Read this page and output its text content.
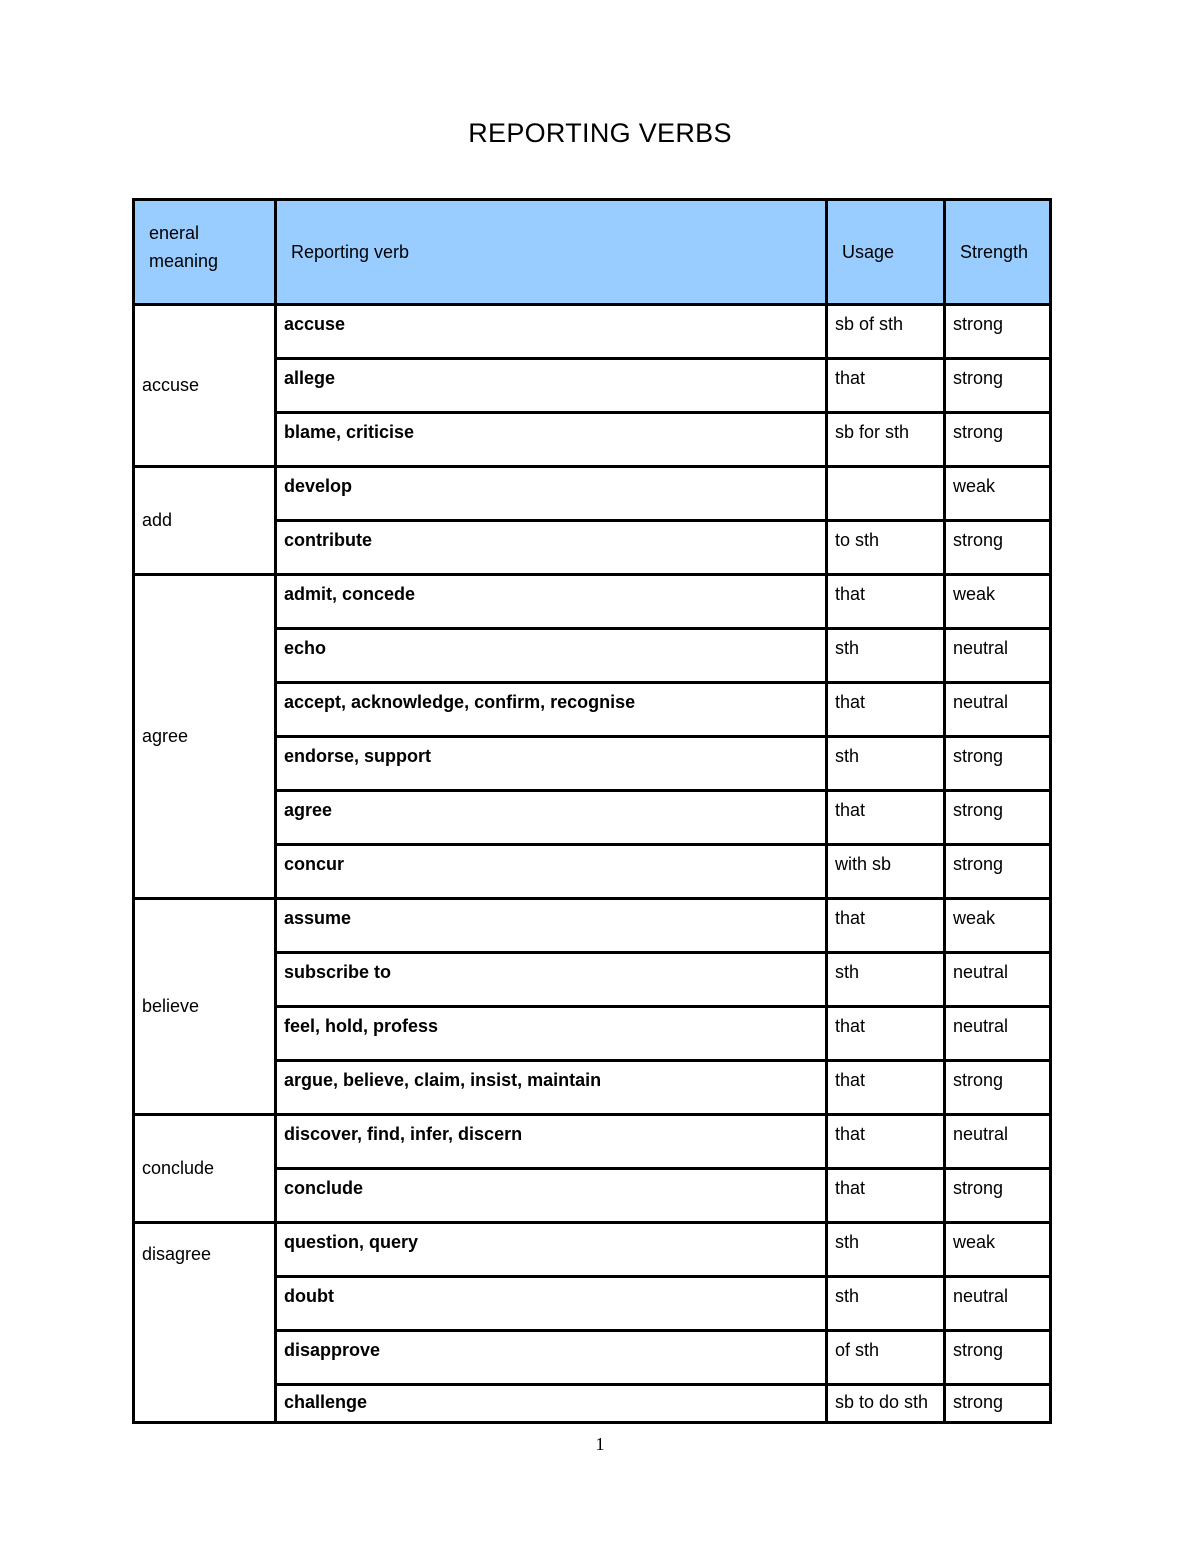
REPORTING VERBS
eneral meaning	Reporting verb	Usage	Strength
accuse	accuse	sb of sth	strong
	allege	that	strong
	blame, criticise	sb for sth	strong
add	develop		weak
	contribute	to sth	strong
agree	admit, concede	that	weak
	echo	sth	neutral
	accept, acknowledge, confirm, recognise	that	neutral
	endorse, support	sth	strong
	agree	that	strong
	concur	with sb	strong
believe	assume	that	weak
	subscribe to	sth	neutral
	feel, hold, profess	that	neutral
	argue, believe, claim, insist, maintain	that	strong
conclude	discover, find, infer, discern	that	neutral
	conclude	that	strong
disagree	question, query	sth	weak
	doubt	sth	neutral
	disapprove	of sth	strong
	challenge	sb to do sth	strong
1
